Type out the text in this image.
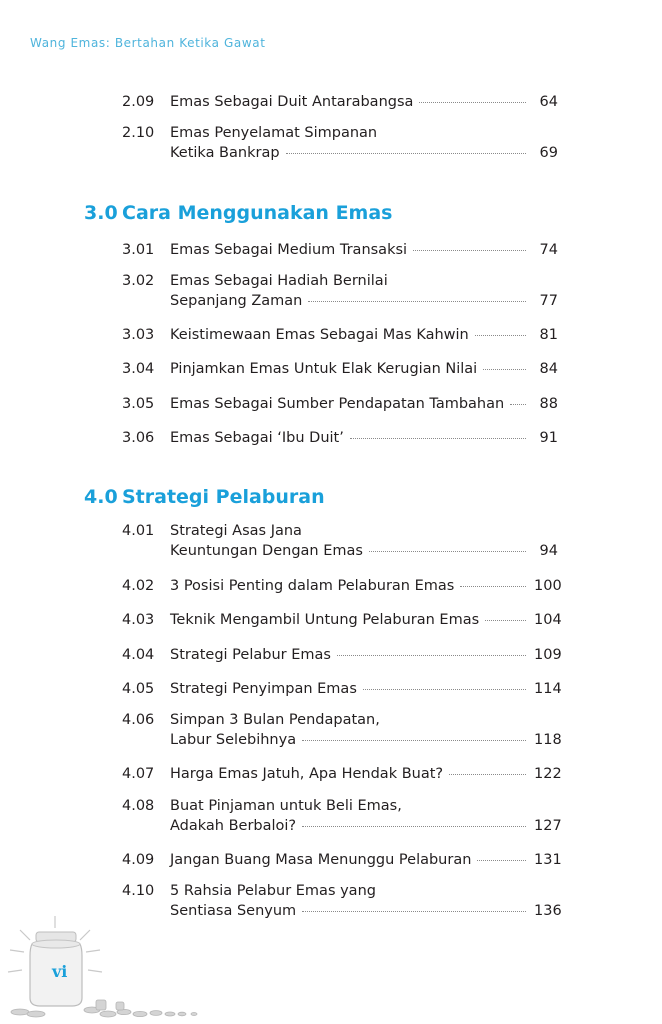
Wang Emas: Bertahan Ketika Gawat
2.09 Emas Sebagai Duit Antarabangsa	64
2.10 Emas Penyelamat Simpanan
Ketika Bankrap	69
3.01 Emas Sebagai Medium Transaksi	74
3.02 Emas Sebagai Hadiah Bernilai
Sepanjang Zaman	77
3.03 Keistimewaan Emas Sebagai Mas Kahwin	81
3.04 Pinjamkan Emas Untuk Elak Kerugian Nilai	84
3.05 Emas Sebagai Sumber Pendapatan Tambahan	88
3.06 Emas Sebagai ‘Ibu Duit’	91
4.01 Strategi Asas Jana
Keuntungan Dengan Emas	94
4.02 3 Posisi Penting dalam Pelaburan Emas	100
4.03 Teknik Mengambil Untung Pelaburan Emas	104
4.04 Strategi Pelabur Emas	109
4.05 Strategi Penyimpan Emas	114
4.06 Simpan 3 Bulan Pendapatan,
Labur Selebihnya	118
4.07 Harga Emas Jatuh, Apa Hendak Buat?	122
4.08 Buat Pinjaman untuk Beli Emas,
Adakah Berbaloi?	127
4.09 Jangan Buang Masa Menunggu Pelaburan	131
4.10 5 Rahsia Pelabur Emas yang
Sentiasa Senyum	136
3.0 Cara Menggunakan Emas
4.0 Strategi Pelaburan
vi
